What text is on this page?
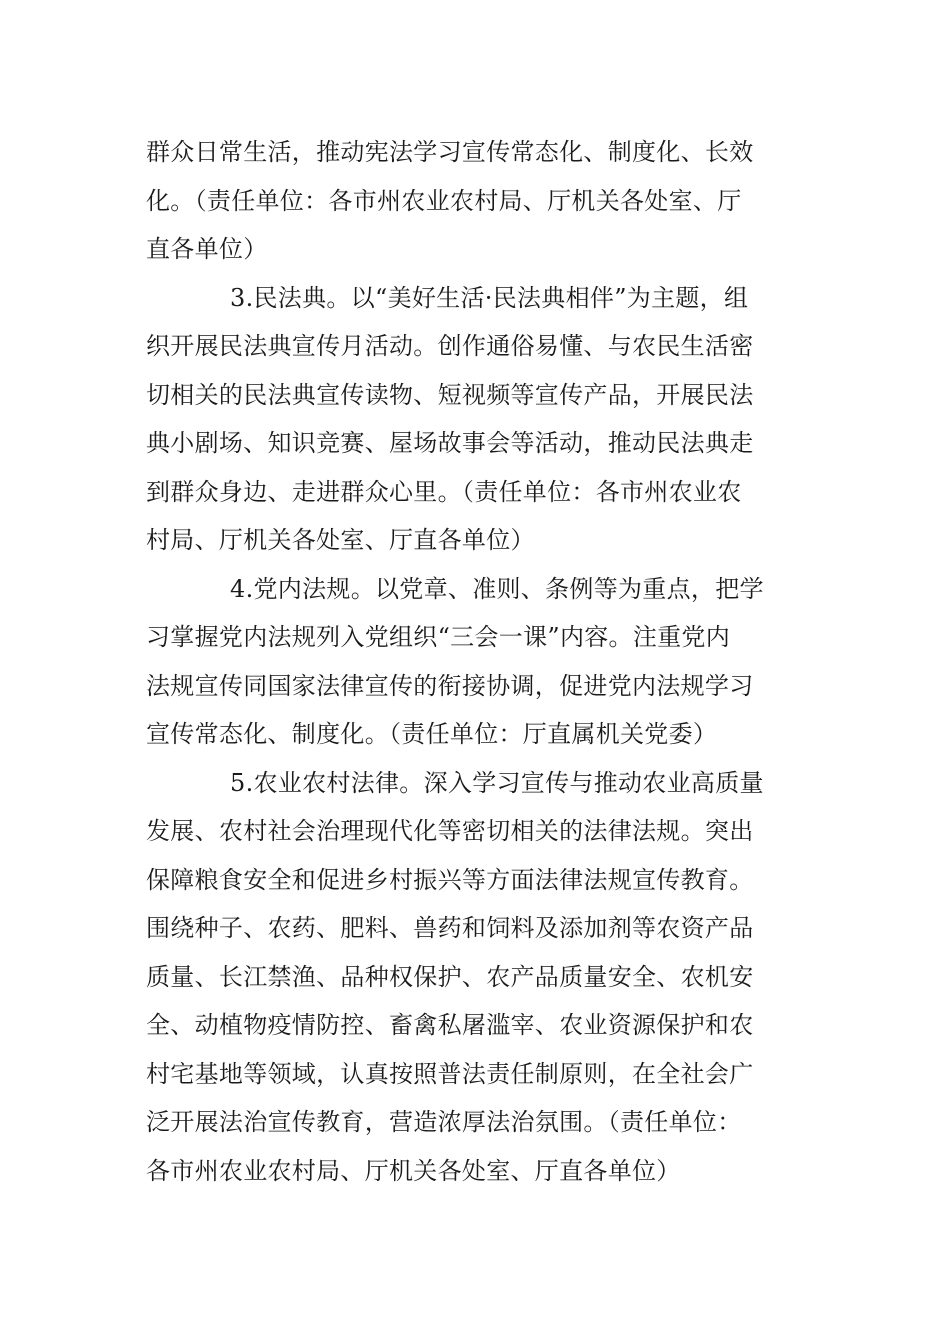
群众日常生活，推动宪法学习宣传常态化、制度化、长效
化。（责任单位：各市州农业农村局、厅机关各处室、厅
直各单位）
3.民法典。以“美好生活·民法典相伴”为主题，组
织开展民法典宣传月活动。创作通俗易懂、与农民生活密
切相关的民法典宣传读物、短视频等宣传产品，开展民法
典小剧场、知识竞赛、屋场故事会等活动，推动民法典走
到群众身边、走进群众心里。（责任单位：各市州农业农
村局、厅机关各处室、厅直各单位）
4.党内法规。以党章、准则、条例等为重点，把学
习掌握党内法规列入党组织“三会一课”内容。注重党内
法规宣传同国家法律宣传的衔接协调，促进党内法规学习
宣传常态化、制度化。（责任单位：厅直属机关党委）
5.农业农村法律。深入学习宣传与推动农业高质量
发展、农村社会治理现代化等密切相关的法律法规。突出
保障粮食安全和促进乡村振兴等方面法律法规宣传教育。
围绕种子、农药、肥料、兽药和饲料及添加剂等农资产品
质量、长江禁渔、品种权保护、农产品质量安全、农机安
全、动植物疫情防控、畜禽私屠滥宰、农业资源保护和农
村宅基地等领域，认真按照普法责任制原则，在全社会广
泛开展法治宣传教育，营造浓厚法治氛围。（责任单位：
各市州农业农村局、厅机关各处室、厅直各单位）
